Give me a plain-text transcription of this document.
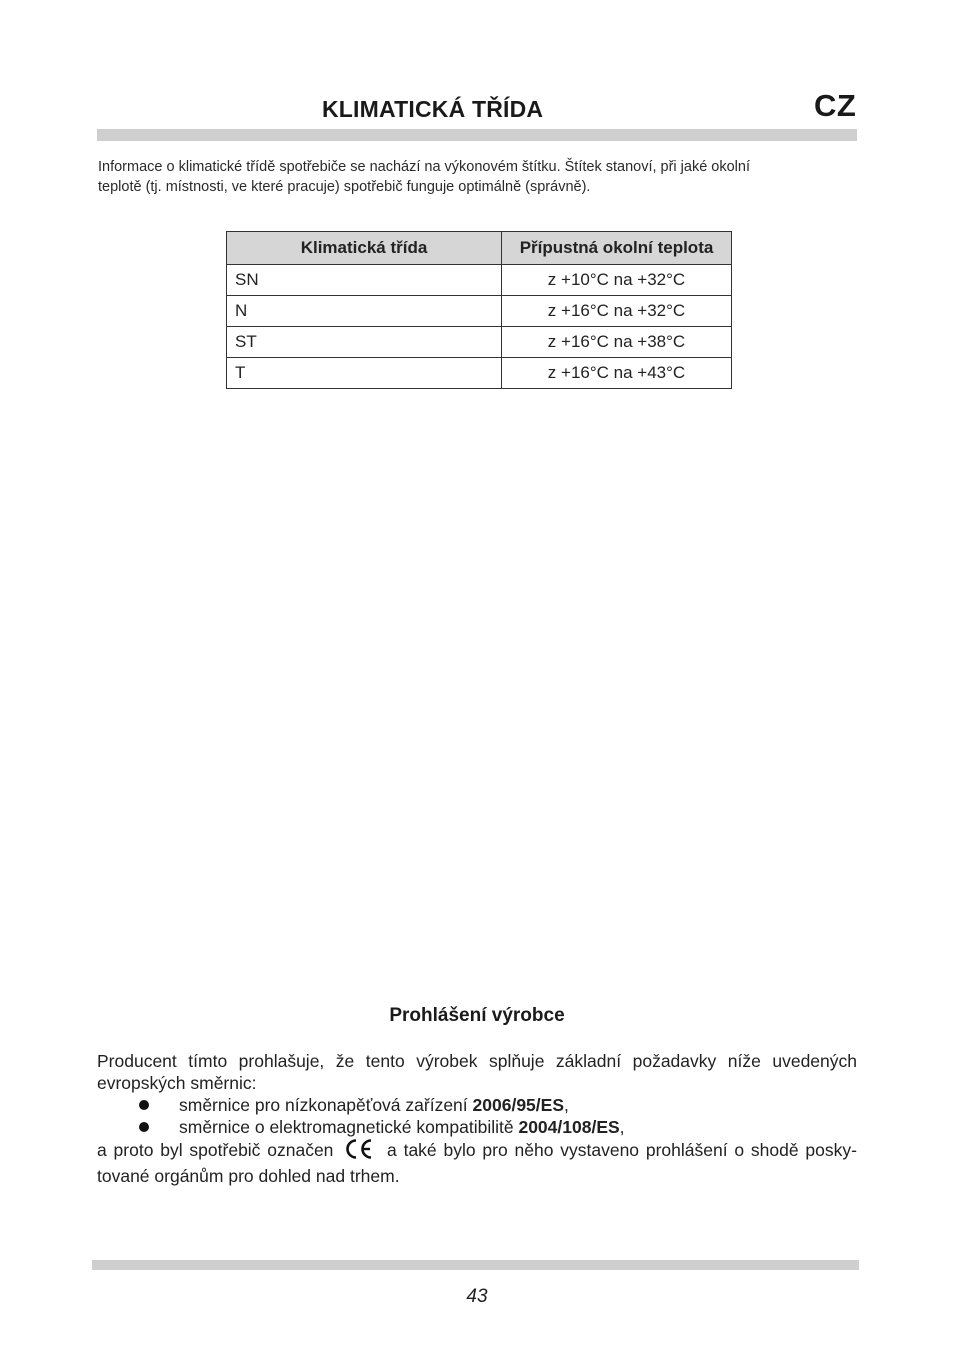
KLIMATICKÁ TŘÍDA	CZ

Informace o klimatické třídě spotřebiče se nachází na výkonovém štítku. Štítek stanoví, při jaké okolní

teplotě (tj. místnosti, ve které pracuje) spotřebič funguje optimálně (správně).

Klimatická třída	Přípustná okolní teplota
SN	z +10°C na +32°C
N	z +16°C na +32°C
ST	z +16°C na +38°C
T	z +16°C na +43°C
Prohlášení výrobce

Producent tímto prohlašuje, že tento výrobek splňuje základní požadavky níže uvedených

evropských směrnic:

směrnice pro nízkonapěťová zařízení 2006/95/ES,
směrnice o elektromagnetické kompatibilitě 2004/108/ES,

a proto byl spotřebič označen	a také bylo pro něho vystaveno prohlášení o shodě posky-

tované orgánům pro dohled nad trhem.

43
